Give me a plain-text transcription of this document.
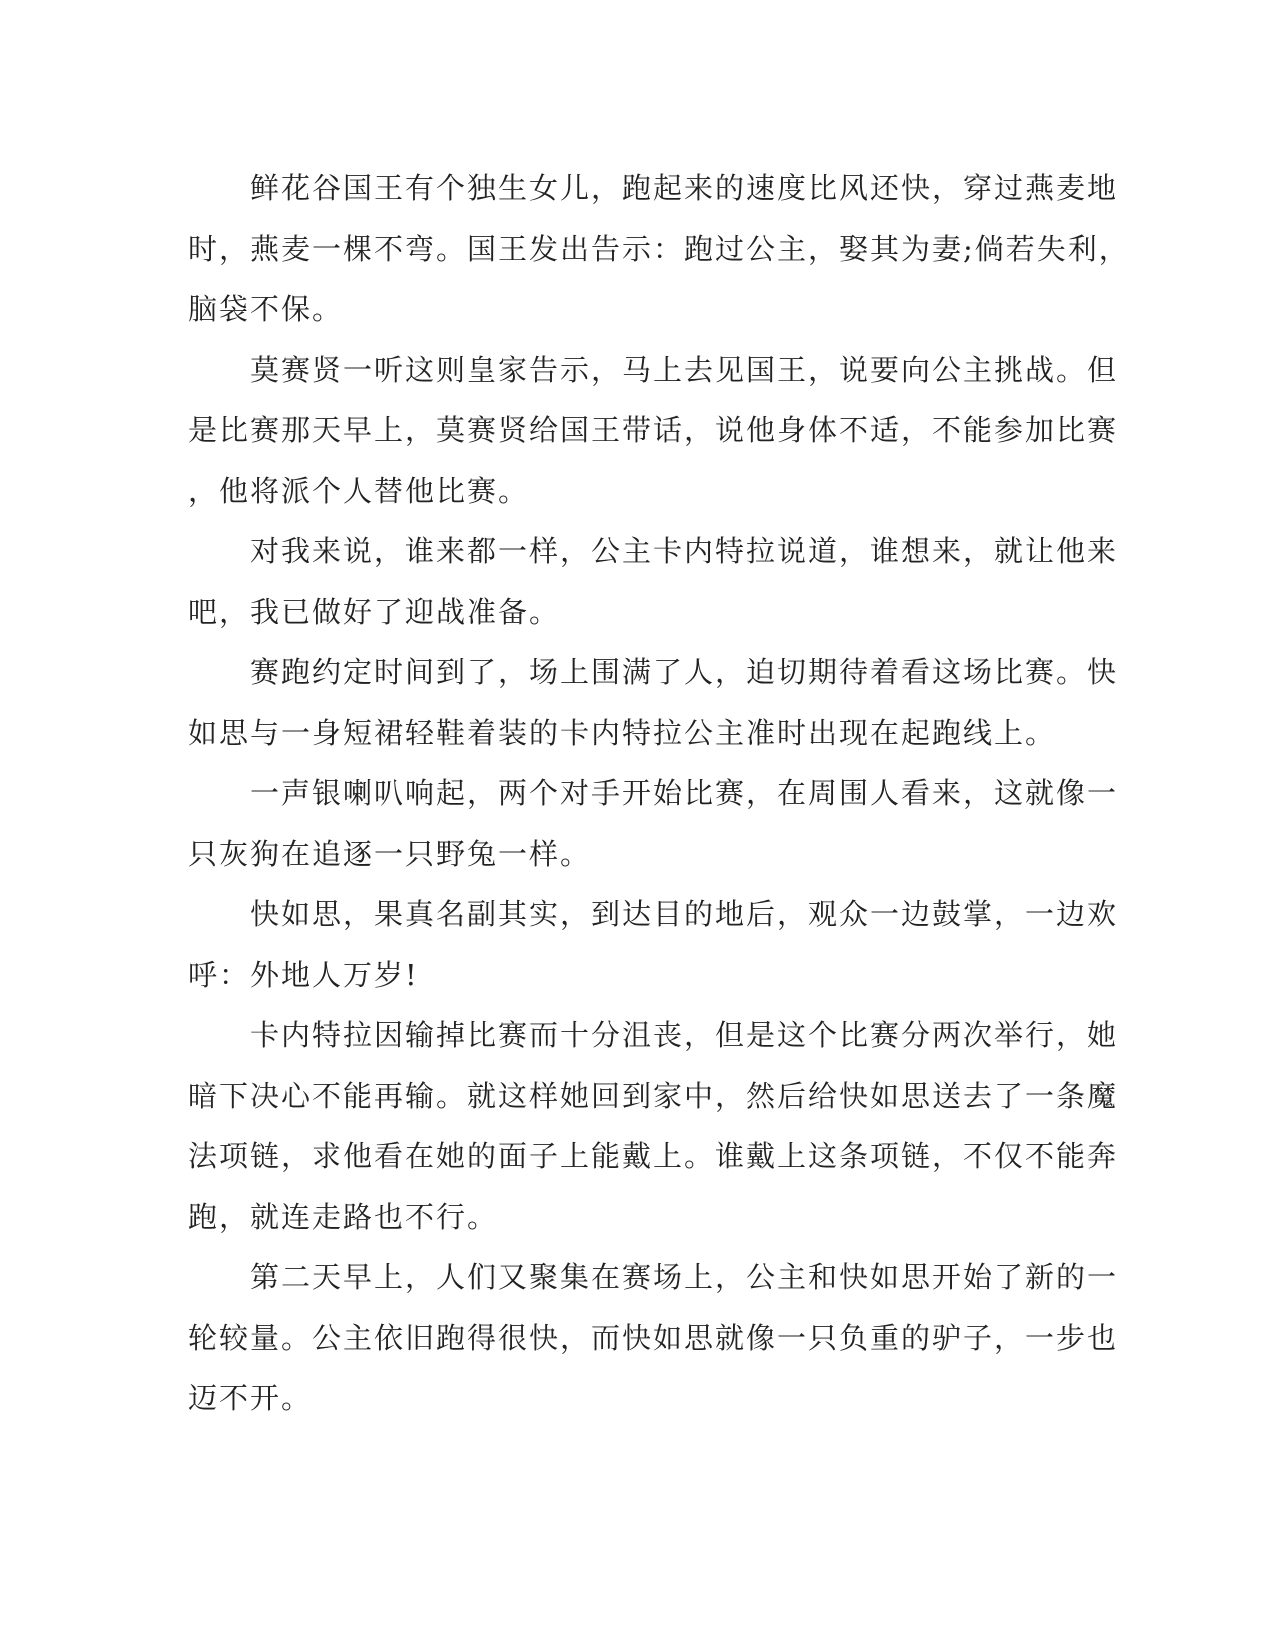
　　鲜花谷国王有个独生女儿，跑起来的速度比风还快，穿过燕麦地
时，燕麦一棵不弯。国王发出告示：跑过公主，娶其为妻;倘若失利，
脑袋不保。
　　莫赛贤一听这则皇家告示，马上去见国王，说要向公主挑战。但
是比赛那天早上，莫赛贤给国王带话，说他身体不适，不能参加比赛
，他将派个人替他比赛。
　　对我来说，谁来都一样，公主卡内特拉说道，谁想来，就让他来
吧，我已做好了迎战准备。
　　赛跑约定时间到了，场上围满了人，迫切期待着看这场比赛。快
如思与一身短裙轻鞋着装的卡内特拉公主准时出现在起跑线上。
　　一声银喇叭响起，两个对手开始比赛，在周围人看来，这就像一
只灰狗在追逐一只野兔一样。
　　快如思，果真名副其实，到达目的地后，观众一边鼓掌，一边欢
呼：外地人万岁!
　　卡内特拉因输掉比赛而十分沮丧，但是这个比赛分两次举行，她
暗下决心不能再输。就这样她回到家中，然后给快如思送去了一条魔
法项链，求他看在她的面子上能戴上。谁戴上这条项链，不仅不能奔
跑，就连走路也不行。
　　第二天早上，人们又聚集在赛场上，公主和快如思开始了新的一
轮较量。公主依旧跑得很快，而快如思就像一只负重的驴子，一步也
迈不开。
